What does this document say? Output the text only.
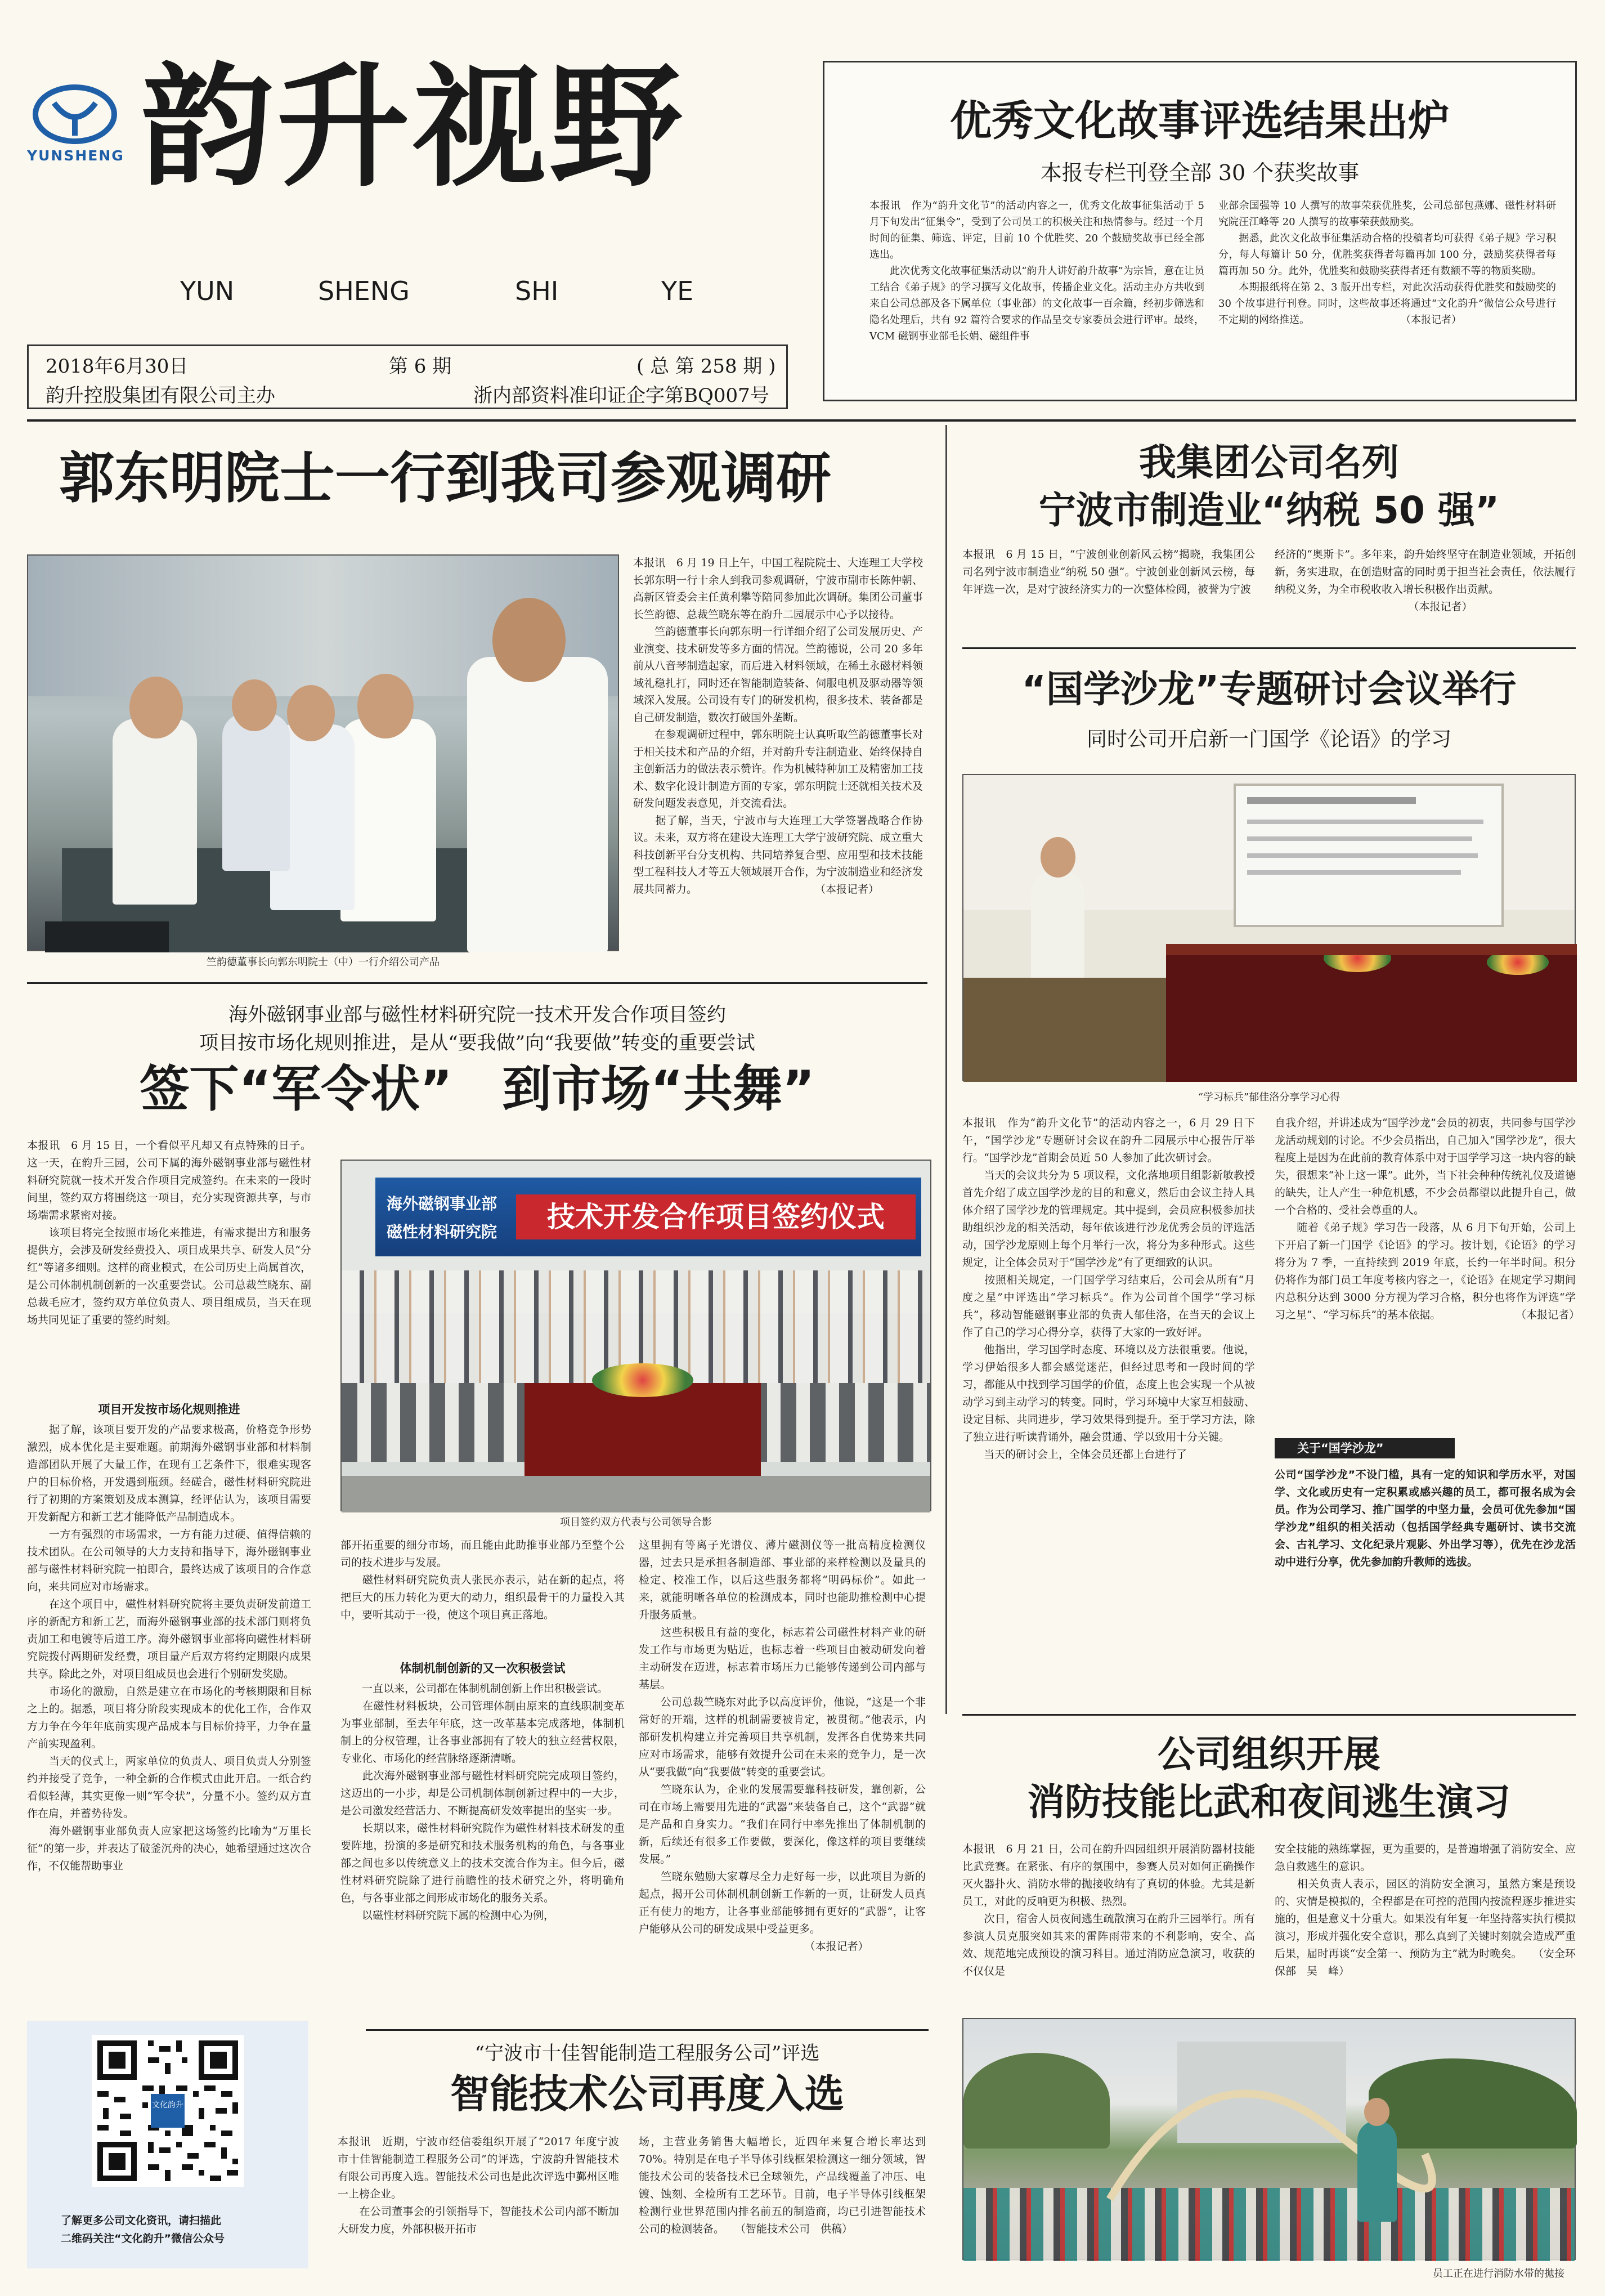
YUNSHENG 韵升视野
YUN	SHENG	SHI	YE
2018年6月30日	第 6 期	( 总 第 258 期 )
韵升控股集团有限公司主办	浙内部资料准印证企字第BQ007号
优秀文化故事评选结果出炉
本报专栏刊登全部 30 个获奖故事
本报讯　作为“韵升文化节”的活动内容之一，优秀文化故事征集活动于 5 月下旬发出“征集令”，受到了公司员工的积极关注和热情参与。经过一个月时间的征集、筛选、评定，目前 10 个优胜奖、20 个鼓励奖故事已经全部选出。
　　此次优秀文化故事征集活动以“韵升人讲好韵升故事”为宗旨，意在让员工结合《弟子规》的学习撰写文化故事，传播企业文化。活动主办方共收到来自公司总部及各下属单位（事业部）的文化故事一百余篇，经初步筛选和隐名处理后，共有 92 篇符合要求的作品呈交专家委员会进行评审。最终，VCM 磁钢事业部毛长娟、磁组件事
业部余国强等 10 人撰写的故事荣获优胜奖，公司总部包燕娜、磁性材料研究院汪江峰等 20 人撰写的故事荣获鼓励奖。
　　据悉，此次文化故事征集活动合格的投稿者均可获得《弟子规》学习积分，每人每篇计 50 分，优胜奖获得者每篇再加 100 分，鼓励奖获得者每篇再加 50 分。此外，优胜奖和鼓励奖获得者还有数额不等的物质奖励。
　　本期报纸将在第 2、3 版开出专栏，对此次活动获得优胜奖和鼓励奖的 30 个故事进行刊登。同时，这些故事还将通过“文化韵升”微信公众号进行不定期的网络推送。　　　　　　　　　　（本报记者）
郭东明院士一行到我司参观调研
竺韵德董事长向郭东明院士（中）一行介绍公司产品
本报讯　6 月 19 日上午，中国工程院院士、大连理工大学校长郭东明一行十余人到我司参观调研，宁波市副市长陈仲朝、高新区管委会主任黄利攀等陪同参加此次调研。集团公司董事长竺韵德、总裁竺晓东等在韵升二园展示中心予以接待。
　　竺韵德董事长向郭东明一行详细介绍了公司发展历史、产业演变、技术研发等多方面的情况。竺韵德说，公司 20 多年前从八音琴制造起家，而后进入材料领域，在稀土永磁材料领域礼稳扎打，同时还在智能制造装备、伺服电机及驱动器等领域深入发展。公司设有专门的研发机构，很多技术、装备都是自己研发制造，数次打破国外垄断。
　　在参观调研过程中，郭东明院士认真听取竺韵德董事长对于相关技术和产品的介绍，并对韵升专注制造业、始终保持自主创新活力的做法表示赞许。作为机械特种加工及精密加工技术、数字化设计制造方面的专家，郭东明院士还就相关技术及研发问题发表意见，并交流看法。
　　据了解，当天，宁波市与大连理工大学签署战略合作协议。未来，双方将在建设大连理工大学宁波研究院、成立重大科技创新平台分支机构、共同培养复合型、应用型和技术技能型工程科技人才等五大领域展开合作，为宁波制造业和经济发展共同蓄力。　　　　　　　　　　　　（本报记者）
海外磁钢事业部与磁性材料研究院一技术开发合作项目签约
项目按市场化规则推进，是从“要我做”向“我要做”转变的重要尝试
签下“军令状”　到市场“共舞”
本报讯　6 月 15 日，一个看似平凡却又有点特殊的日子。这一天，在韵升三园，公司下属的海外磁钢事业部与磁性材料研究院就一技术开发合作项目完成签约。在未来的一段时间里，签约双方将围绕这一项目，充分实现资源共享，与市场端需求紧密对接。
　　该项目将完全按照市场化来推进，有需求提出方和服务提供方，会涉及研发经费投入、项目成果共享、研发人员“分红”等诸多细则。这样的商业模式，在公司历史上尚属首次，是公司体制机制创新的一次重要尝试。公司总裁竺晓东、副总裁毛应才，签约双方单位负责人、项目组成员，当天在现场共同见证了重要的签约时刻。
项目开发按市场化规则推进
　　据了解，该项目要开发的产品要求极高，价格竞争形势激烈，成本优化是主要难题。前期海外磁钢事业部和材料制造部团队开展了大量工作，在现有工艺条件下，很难实现客户的目标价格，开发遇到瓶颈。经磋合，磁性材料研究院进行了初期的方案策划及成本测算，经评估认为，该项目需要开发新配方和新工艺才能降低产品制造成本。
　　一方有强烈的市场需求，一方有能力过硬、值得信赖的技术团队。在公司领导的大力支持和指导下，海外磁钢事业部与磁性材料研究院一拍即合，最终达成了该项目的合作意向，来共同应对市场需求。
　　在这个项目中，磁性材料研究院将主要负责研发前道工序的新配方和新工艺，而海外磁钢事业部的技术部门则将负责加工和电镀等后道工序。海外磁钢事业部将向磁性材料研究院拨付两期研发经费，项目量产后双方将约定期限内成果共享。除此之外，对项目组成员也会进行个别研发奖励。
　　市场化的激励，自然是建立在市场化的考核期限和目标之上的。据悉，项目将分阶段实现成本的优化工作，合作双方力争在今年年底前实现产品成本与目标价持平，力争在量产前实现盈利。
　　当天的仪式上，两家单位的负责人、项目负责人分别签约并接受了竞争，一种全新的合作模式由此开启。一纸合约看似轻薄，其实更像一则“军令状”，分量不小。签约双方直作在肩，并蓄势待发。
　　海外磁钢事业部负责人应家把这场签约比喻为“万里长征”的第一步，并表达了破釜沉舟的决心，她希望通过这次合作，不仅能帮助事业
海外磁钢事业部
磁性材料研究院	技术开发合作项目签约仪式
项目签约双方代表与公司领导合影
部开拓重要的细分市场，而且能由此助推事业部乃至整个公司的技术进步与发展。
　　磁性材料研究院负责人张民亦表示，站在新的起点，将把巨大的压力转化为更大的动力，组织最骨干的力量投入其中，要听其动于一役，使这个项目真正落地。
体制机制创新的又一次积极尝试
　　一直以来，公司都在体制机制创新上作出积极尝试。
　　在磁性材料板块，公司管理体制由原来的直线职制变革为事业部制，至去年年底，这一改革基本完成落地，体制机制上的分权管理，让各事业部拥有了较大的独立经营权限，专业化、市场化的经营脉络逐渐清晰。
　　此次海外磁钢事业部与磁性材料研究院完成项目签约，这迈出的一小步，却是公司机制体制创新过程中的一大步，是公司激发经营活力、不断提高研发效率提出的坚实一步。
　　长期以来，磁性材料研究院作为磁性材料技术研发的重要阵地，扮演的多是研究和技术服务机构的角色，与各事业部之间也多以传统意义上的技术交流合作为主。但今后，磁性材料研究院除了进行前瞻性的技术研究之外，将明确角色，与各事业部之间形成市场化的服务关系。
　　以磁性材料研究院下属的检测中心为例，
这里拥有等离子光谱仪、薄片磁测仪等一批高精度检测仪器，过去只是承担各制造部、事业部的来样检测以及量具的检定、校准工作，以后这些服务都将“明码标价”。如此一来，就能明晰各单位的检测成本，同时也能助推检测中心提升服务质量。
　　这些积极且有益的变化，标志着公司磁性材料产业的研发工作与市场更为贴近，也标志着一些项目由被动研发向着主动研发在迈进，标志着市场压力已能够传递到公司内部与基层。
　　公司总裁竺晓东对此予以高度评价，他说，“这是一个非常好的开端，这样的机制需要被肯定，被贯彻。”他表示，内部研发机构建立并完善项目共享机制，发挥各自优势来共同应对市场需求，能够有效提升公司在未来的竞争力，是一次从“要我做”向“我要做”转变的重要尝试。
　　竺晓东认为，企业的发展需要靠科技研发，靠创新，公司在市场上需要用先进的“武器”来装备自己，这个“武器”就是产品和自身实力。“我们在同行中率先推出了体制机制的新，后续还有很多工作要做，要深化，像这样的项目要继续发展。”
　　竺晓东勉励大家尊尽全力走好每一步，以此项目为新的起点，揭开公司体制机制创新工作新的一页，让研发人员真正有使力的地方，让各事业部能够拥有更好的“武器”，让客户能够从公司的研发成果中受益更多。
　　　　　　　　　　　　　　　　（本报记者）
文化韵升
了解更多公司文化资讯，请扫描此
二维码关注“文化韵升”微信公众号
“宁波市十佳智能制造工程服务公司”评选
智能技术公司再度入选
本报讯　近期，宁波市经信委组织开展了“2017 年度宁波市十佳智能制造工程服务公司”的评选，宁波韵升智能技术有限公司再度入选。智能技术公司也是此次评选中鄞州区唯一上榜企业。
　　在公司董事会的引领指导下，智能技术公司内部不断加大研发力度，外部积极开拓市
场，主营业务销售大幅增长，近四年来复合增长率达到 70%。特别是在电子半导体引线框架检测这一细分领域，智能技术公司的装备技术已全球领先，产品线覆盖了冲压、电镀、蚀刻、全检所有工艺环节。目前，电子半导体引线框架检测行业世界范围内排名前五的制造商，均已引进智能技术公司的检测装备。　　（智能技术公司　供稿）
我集团公司名列
宁波市制造业“纳税 50 强”
本报讯　6 月 15 日，“宁波创业创新风云榜”揭晓，我集团公司名列宁波市制造业“纳税 50 强”。宁波创业创新风云榜，每年评选一次，是对宁波经济实力的一次整体检阅，被誉为宁波
经济的“奥斯卡”。多年来，韵升始终坚守在制造业领域，开拓创新，务实进取，在创造财富的同时勇于担当社会责任，依法履行纳税义务，为全市税收收入增长积极作出贡献。
　　　　　　　　　　　　　（本报记者）
“国学沙龙”专题研讨会议举行
同时公司开启新一门国学《论语》的学习
“学习标兵”郁佳洛分享学习心得
本报讯　作为“韵升文化节”的活动内容之一，6 月 29 日下午，“国学沙龙”专题研讨会议在韵升二园展示中心报告厅举行。“国学沙龙”首期会员近 50 人参加了此次研讨会。
　　当天的会议共分为 5 项议程，文化落地项目组影新敏教授首先介绍了成立国学沙龙的目的和意义，然后由会议主持人具体介绍了国学沙龙的管理规定。其中提到，会员应积极参加扶助组织沙龙的相关活动，每年依该进行沙龙优秀会员的评选活动，国学沙龙原则上每个月举行一次，将分为多种形式。这些规定，让全体会员对于“国学沙龙”有了更细致的认识。
　　按照相关规定，一门国学学习结束后，公司会从所有“月度之星”中评选出“学习标兵”。作为公司首个国学“学习标兵”，移动智能磁钢事业部的负责人郁佳洛，在当天的会议上作了自己的学习心得分享，获得了大家的一致好评。
　　他指出，学习国学时态度、环境以及方法很重要。他说，学习伊始很多人都会感觉迷茫，但经过思考和一段时间的学习，都能从中找到学习国学的价值，态度上也会实现一个从被动学习到主动学习的转变。同时，学习环境中大家互相鼓励、设定目标、共同进步，学习效果得到提升。至于学习方法，除了独立进行听读背诵外，融会贯通、学以致用十分关键。
　　当天的研讨会上，全体会员还都上台进行了
自我介绍，并讲述成为“国学沙龙”会员的初衷，共同参与国学沙龙活动规划的讨论。不少会员指出，自己加入“国学沙龙”，很大程度上是因为在此前的教育体系中对于国学学习这一块内容的缺失，很想来“补上这一课”。此外，当下社会种种传统礼仪及道德的缺失，让人产生一种危机感，不少会员都望以此提升自己，做一个合格的、受社会尊重的人。
　　随着《弟子规》学习告一段落，从 6 月下旬开始，公司上下开启了新一门国学《论语》的学习。按计划，《论语》的学习将分为 7 季，一直持续到 2019 年底，长约一年半时间。积分仍将作为部门员工年度考核内容之一，《论语》在规定学习期间内总积分达到 3000 分方视为学习合格，积分也将作为评选“学习之星”、“学习标兵”的基本依据。　　　　　　　　（本报记者）
关于“国学沙龙”
公司“国学沙龙”不设门槛，具有一定的知识和学历水平，对国学、文化或历史有一定积累或感兴趣的员工，都可报名成为会员。作为公司学习、推广国学的中坚力量，会员可优先参加“国学沙龙”组织的相关活动（包括国学经典专题研讨、读书交流会、古礼学习、文化纪录片观影、外出学习等），优先在沙龙活动中进行分享，优先参加韵升教师的选拔。
公司组织开展
消防技能比武和夜间逃生演习
本报讯　6 月 21 日，公司在韵升四园组织开展消防器材技能比武竞赛。在紧张、有序的氛围中，参赛人员对如何正确操作灭火器扑火、消防水带的抛接收纳有了真切的体验。尤其是新员工，对此的反响更为积极、热烈。
　　次日，宿舍人员夜间逃生疏散演习在韵升三园举行。所有参演人员克服突如其来的雷阵雨带来的不利影响，安全、高效、规范地完成预设的演习科目。通过消防应急演习，收获的不仅仅是
安全技能的熟练掌握，更为重要的，是普遍增强了消防安全、应急自救逃生的意识。
　　相关负责人表示，园区的消防安全演习，虽然方案是预设的、灾情是模拟的，全程都是在可控的范围内按流程逐步推进实施的，但是意义十分重大。如果没有年复一年坚持落实执行模拟演习，形成并强化安全意识，那么真到了关键时刻就会造成严重后果，届时再谈“安全第一、预防为主”就为时晚矣。　　（安全环保部　吴　峰）
员工正在进行消防水带的拋接
